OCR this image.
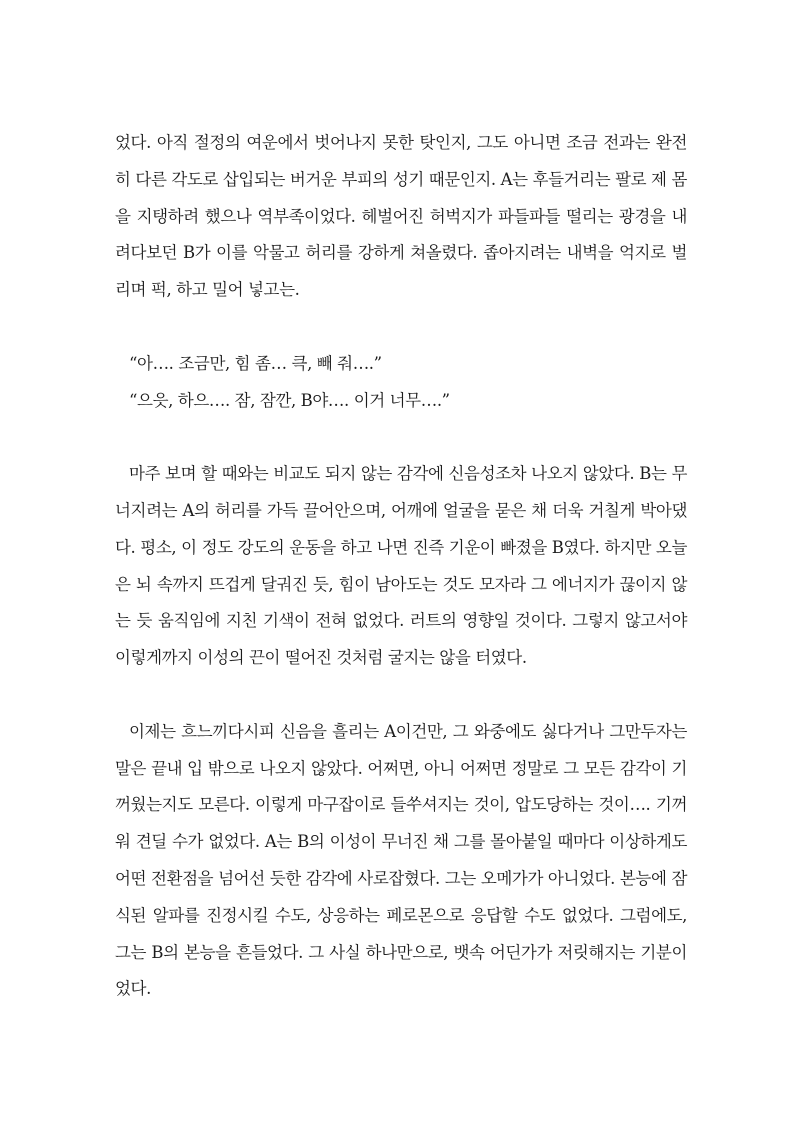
었다. 아직 절정의 여운에서 벗어나지 못한 탓인지, 그도 아니면 조금 전과는 완전히 다른 각도로 삽입되는 버거운 부피의 성기 때문인지. A는 후들거리는 팔로 제 몸을 지탱하려 했으나 역부족이었다. 헤벌어진 허벅지가 파들파들 떨리는 광경을 내려다보던 B가 이를 악물고 허리를 강하게 쳐올렸다. 좁아지려는 내벽을 억지로 벌리며 퍽, 하고 밀어 넣고는.

“아…. 조금만, 힘 좀… 큭, 빼 줘….”

“으읏, 하으…. 잠, 잠깐, B야…. 이거 너무….”

마주 보며 할 때와는 비교도 되지 않는 감각에 신음성조차 나오지 않았다. B는 무너지려는 A의 허리를 가득 끌어안으며, 어깨에 얼굴을 묻은 채 더욱 거칠게 박아댔다. 평소, 이 정도 강도의 운동을 하고 나면 진즉 기운이 빠졌을 B였다. 하지만 오늘은 뇌 속까지 뜨겁게 달궈진 듯, 힘이 남아도는 것도 모자라 그 에너지가 끊이지 않는 듯 움직임에 지친 기색이 전혀 없었다. 러트의 영향일 것이다. 그렇지 않고서야 이렇게까지 이성의 끈이 떨어진 것처럼 굴지는 않을 터였다.

이제는 흐느끼다시피 신음을 흘리는 A이건만, 그 와중에도 싫다거나 그만두자는 말은 끝내 입 밖으로 나오지 않았다. 어쩌면, 아니 어쩌면 정말로 그 모든 감각이 기꺼웠는지도 모른다. 이렇게 마구잡이로 들쑤셔지는 것이, 압도당하는 것이…. 기꺼워 견딜 수가 없었다. A는 B의 이성이 무너진 채 그를 몰아붙일 때마다 이상하게도 어떤 전환점을 넘어선 듯한 감각에 사로잡혔다. 그는 오메가가 아니었다. 본능에 잠식된 알파를 진정시킬 수도, 상응하는 페로몬으로 응답할 수도 없었다. 그럼에도, 그는 B의 본능을 흔들었다. 그 사실 하나만으로, 뱃속 어딘가가 저릿해지는 기분이었다.
